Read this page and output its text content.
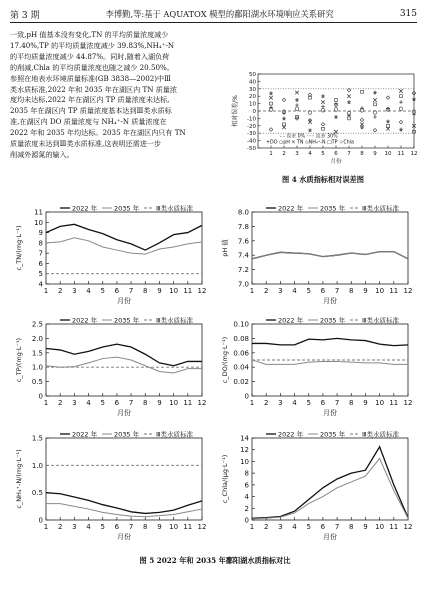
第 3 期	李博勤,等:基于 AQUATOX 模型的鄱阳湖水环境响应关系研究	315

一致,pH 值基本没有变化,TN 的平均质量浓度减少

17.40%,TP 的平均质量浓度减少 39.83%,NH₄⁺-N

的平均质量浓度减少 44.87%。同时,随着入湖负荷

的削减,Chla 的平均质量浓度也随之减少 20.50%。

参照在地表水环境质量标准(GB 3838—2002)中Ⅲ

类水质标准,2022 年和 2035 年在湖区内 TN 质量浓

度均未达标,2022 年在湖区内 TP 质量浓度未达标,

2035 年在湖区内 TP 质量浓度基本达到Ⅲ类水质标

准,在湖区内 DO 质量浓度与 NH₄⁺-N 质量浓度在

2022 年和 2035 年均达标。2035 年在湖区内只有 TN

质量浓度未达到Ⅲ类水质标准,这表明还需进一步

削减外源氮的输入。

50
40
30
20
10
0
-10
-20
-30
-40
-50
1 2 3 4 5 6 7 8 9 10 11 12
月份
相对误差/%
- - 误差 0% ····· 误差 30%
+DO ○pH × TN ◇NH₄⁺-N □TP ☆Chla
图 4 水质指标相对误差图
11
10
9
8
7
6
5
4
1 2 3 4 5 6 7 8 9 10 11 12
月份
c_TN/(mg·L⁻¹)
2022 年	2035 年	Ⅲ类水质标准	8.0
7.8
7.6
7.4
7.2
7.0
1 2 3 4 5 6 7 8 9 10 11 12
月份
pH 值
2022 年	2035 年	Ⅲ类水质标准
2.5
2.0
1.5
1.0
0.5
0
1 2 3 4 5 6 7 8 9 10 11 12
月份
c_TP/(mg·L⁻¹)
2022 年	2035 年	Ⅲ类水质标准	0.10
0.08
0.06
0.04
0.02
0
1 2 3 4 5 6 7 8 9 10 11 12
月份
c_DO/(mg·L⁻¹)
2022 年	2035 年	Ⅲ类水质标准
1.5
1.0
0.5
0
1 2 3 4 5 6 7 8 9 10 11 12
月份
c_NH₄⁺-N/(mg·L⁻¹)
2022 年	2035 年	Ⅲ类水质标准	14
12
10
8
6
4
2
0
1 2 3 4 5 6 7 8 9 10 11 12
月份
c_Chla/(μg·L⁻¹)
2022 年	2035 年	Ⅲ类水质标准
图 5 2022 年和 2035 年鄱阳湖水质指标对比
